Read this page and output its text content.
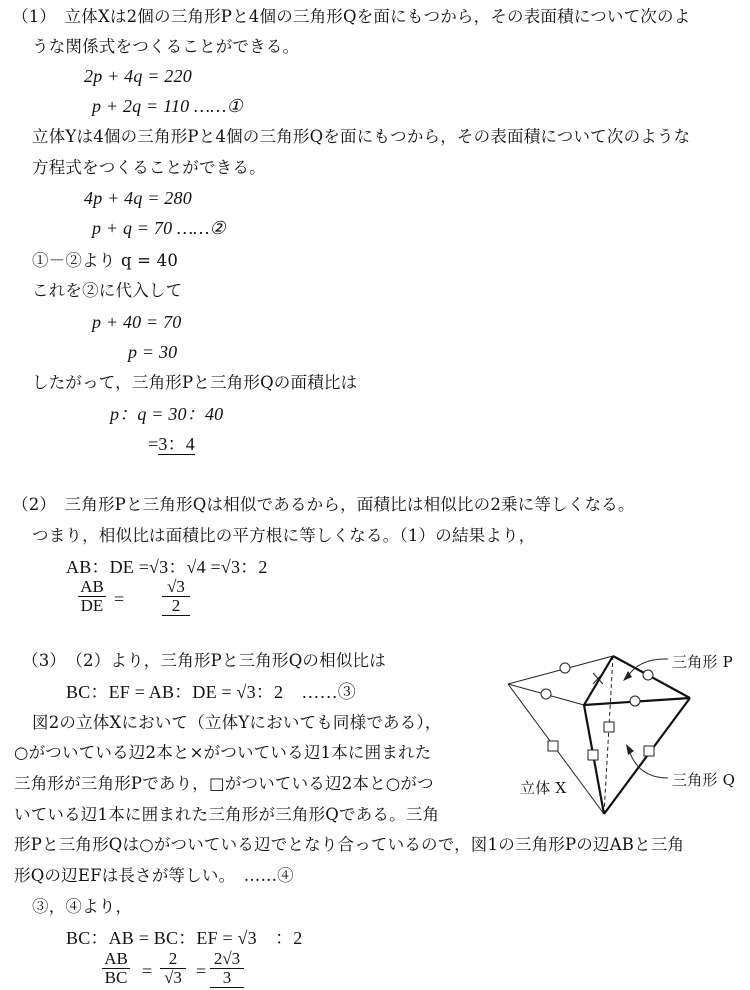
（1）　立体Xは2個の三角形Pと4個の三角形Qを面にもつから，その表面積について次のよ
うな関係式をつくることができる。
2p + 4q = 220
p + 2q = 110 ……①
立体Yは4個の三角形Pと4個の三角形Qを面にもつから，その表面積について次のような
方程式をつくることができる。
4p + 4q = 280
p + q = 70 ……②
①－②より q = 40
これを②に代入して
p + 40 = 70
p = 30
したがって，三角形Pと三角形Qの面積比は
p：q = 30：40
=3：4
（2）　三角形Pと三角形Qは相似であるから，面積比は相似比の2乗に等しくなる。
つまり，相似比は面積比の平方根に等しくなる。（1）の結果より，
AB：DE =√3：√4 =√3：2
AB
DE =
√3
2
（3）　（2）より，三角形Pと三角形Qの相似比は
BC：EF = AB：DE = √3：2　……③
図2の立体Xにおいて（立体Yにおいても同様である），
○がついている辺2本と×がついている辺1本に囲まれた
三角形が三角形Pであり，□がついている辺2本と○がつ
いている辺1本に囲まれた三角形が三角形Qである。三角
形Pと三角形Qは○がついている辺でとなり合っているので，図1の三角形Pの辺ABと三角
形Qの辺EFは長さが等しい。　……④
③，④より，
BC：AB = BC：EF = √3　：2
AB
BC =
2
√3 =
2√3
3
三角形 P
三角形 Q
立体 X
